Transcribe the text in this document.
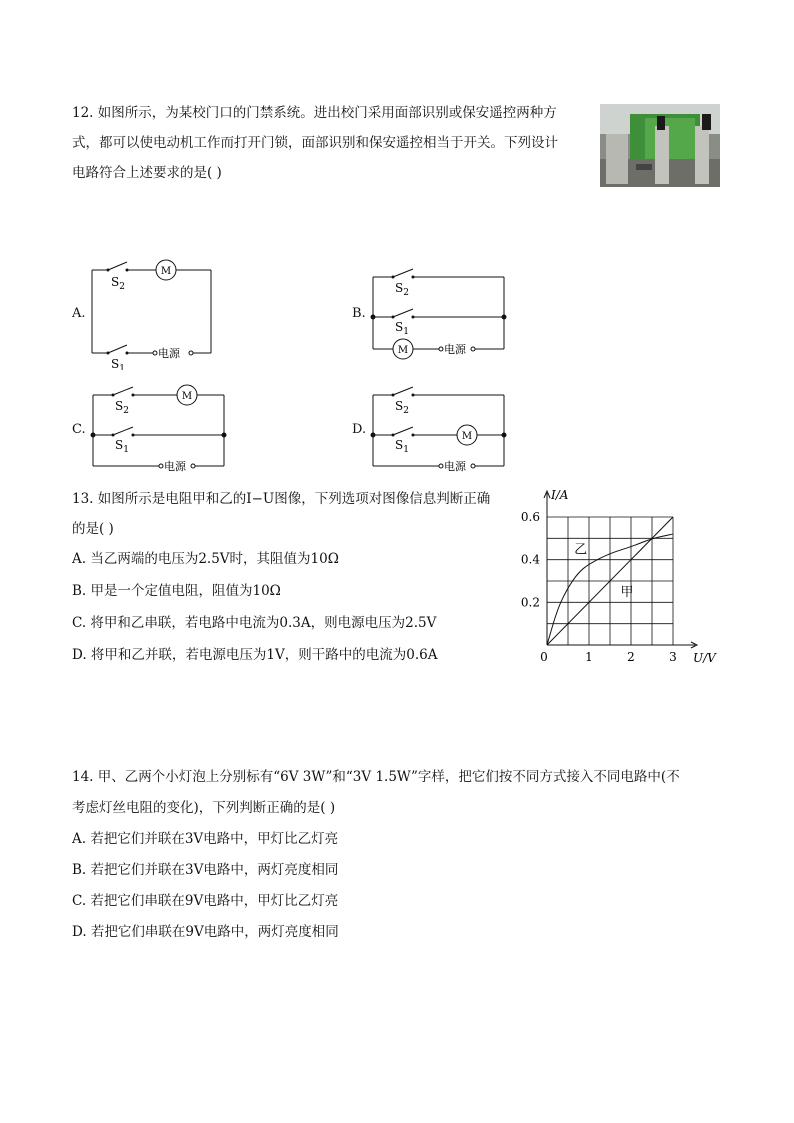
12. 如图所示，为某校门口的门禁系统。进出校门采用面部识别或保安遥控两种方
式，都可以使电动机工作而打开门锁，面部识别和保安遥控相当于开关。下列设计
电路符合上述要求的是( )
A.	B.
C.	D.
M
$S_2$
$S_1$
电源	M
$S_2$
$S_1$
电源
M
$S_2$
$S_1$
电源
M
$S_2$
$S_1$
电源
13. 如图所示是电阻甲和乙的I−U图像，下列选项对图像信息判断正确
的是( )
A. 当乙两端的电压为2.5V时，其阻值为10Ω
B. 甲是一个定值电阻，阻值为10Ω
C. 将甲和乙串联，若电路中电流为0.3A，则电源电压为2.5V
D. 将甲和乙并联，若电源电压为1V，则干路中的电流为0.6A
甲
乙
0	1	2	3
0.2
0.4
0.6
I/A
U/V
14. 甲、乙两个小灯泡上分别标有“6V 3W”和“3V 1.5W”字样，把它们按不同方式接入不同电路中(不
考虑灯丝电阻的变化)，下列判断正确的是( )
A. 若把它们并联在3V电路中，甲灯比乙灯亮
B. 若把它们并联在3V电路中，两灯亮度相同
C. 若把它们串联在9V电路中，甲灯比乙灯亮
D. 若把它们串联在9V电路中，两灯亮度相同
